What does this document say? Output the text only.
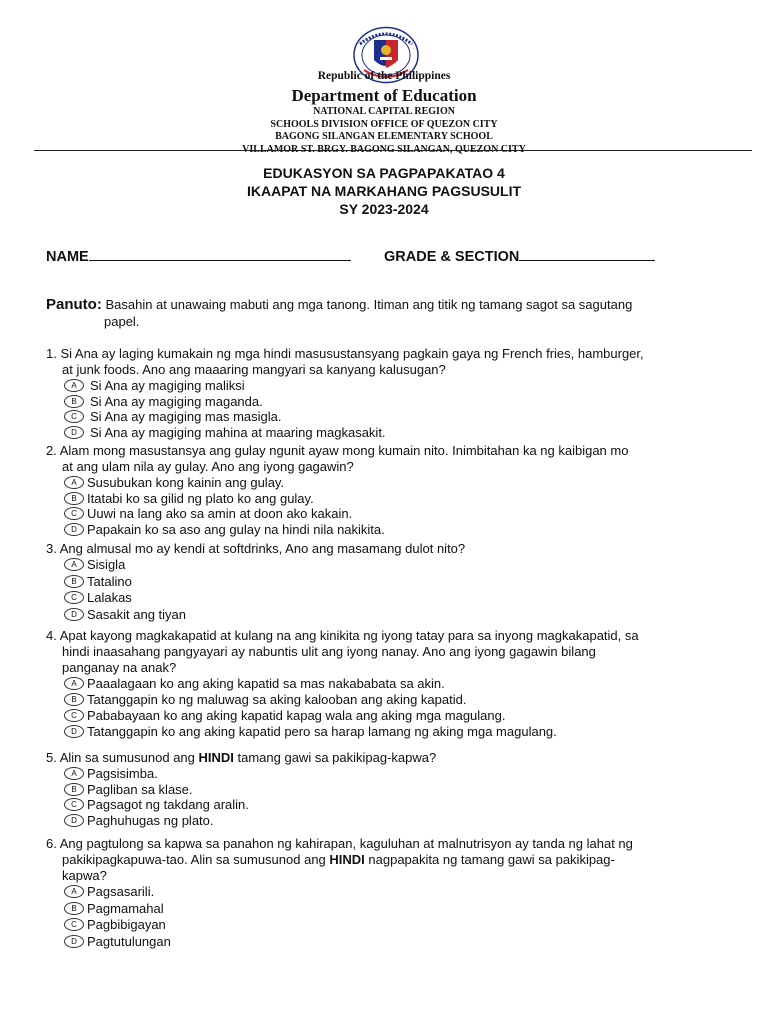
Republic of the Philippines
Department of Education
NATIONAL CAPITAL REGION
SCHOOLS DIVISION OFFICE OF QUEZON CITY
BAGONG SILANGAN ELEMENTARY SCHOOL
VILLAMOR ST. BRGY. BAGONG SILANGAN, QUEZON CITY
EDUKASYON SA PAGPAPAKATAO 4
IKAAPAT NA MARKAHANG PAGSUSULIT
SY 2023-2024
NAME	GRADE & SECTION
Panuto: Basahin at unawaing mabuti ang mga tanong. Itiman ang titik ng tamang sagot sa sagutang
papel.

1. Si Ana ay laging kumakain ng mga hindi masusustansyang pagkain gaya ng French fries, hamburger,

at junk foods. Ano ang maaaring mangyari sa kanyang kalusugan?

A	Si Ana ay magiging maliksi
B	Si Ana ay magiging maganda.
C	Si Ana ay magiging mas masigla.
D	Si Ana ay magiging mahina at maaring magkasakit.

2. Alam mong masustansya ang gulay ngunit ayaw mong kumain nito. Inimbitahan ka ng kaibigan mo

at ang ulam nila ay gulay. Ano ang iyong gagawin?

A Susubukan kong kainin ang gulay.
B Itatabi ko sa gilid ng plato ko ang gulay.
C Uuwi na lang ako sa amin at doon ako kakain.
D Papakain ko sa aso ang gulay na hindi nila nakikita.

3. Ang almusal mo ay kendi at softdrinks, Ano ang masamang dulot nito?

A Sisigla
B Tatalino
C Lalakas
D Sasakit ang tiyan

4. Apat kayong magkakapatid at kulang na ang kinikita ng iyong tatay para sa inyong magkakapatid, sa

hindi inaasahang pangyayari ay nabuntis ulit ang iyong nanay. Ano ang iyong gagawin bilang

panganay na anak?

A Paaalagaan ko ang aking kapatid sa mas nakababata sa akin.
B Tatanggapin ko ng maluwag sa aking kalooban ang aking kapatid.
C Pababayaan ko ang aking kapatid kapag wala ang aking mga magulang.
D Tatanggapin ko ang aking kapatid pero sa harap lamang ng aking mga magulang.

5. Alin sa sumusunod ang HINDI tamang gawi sa pakikipag-kapwa?

A Pagsisimba.
B Pagliban sa klase.
C Pagsagot ng takdang aralin.
D Paghuhugas ng plato.

6. Ang pagtulong sa kapwa sa panahon ng kahirapan, kaguluhan at malnutrisyon ay tanda ng lahat ng

pakikipagkapuwa-tao. Alin sa sumusunod ang HINDI nagpapakita ng tamang gawi sa pakikipag-

kapwa?

A Pagsasarili.
B Pagmamahal
C Pagbibigayan
D Pagtutulungan
